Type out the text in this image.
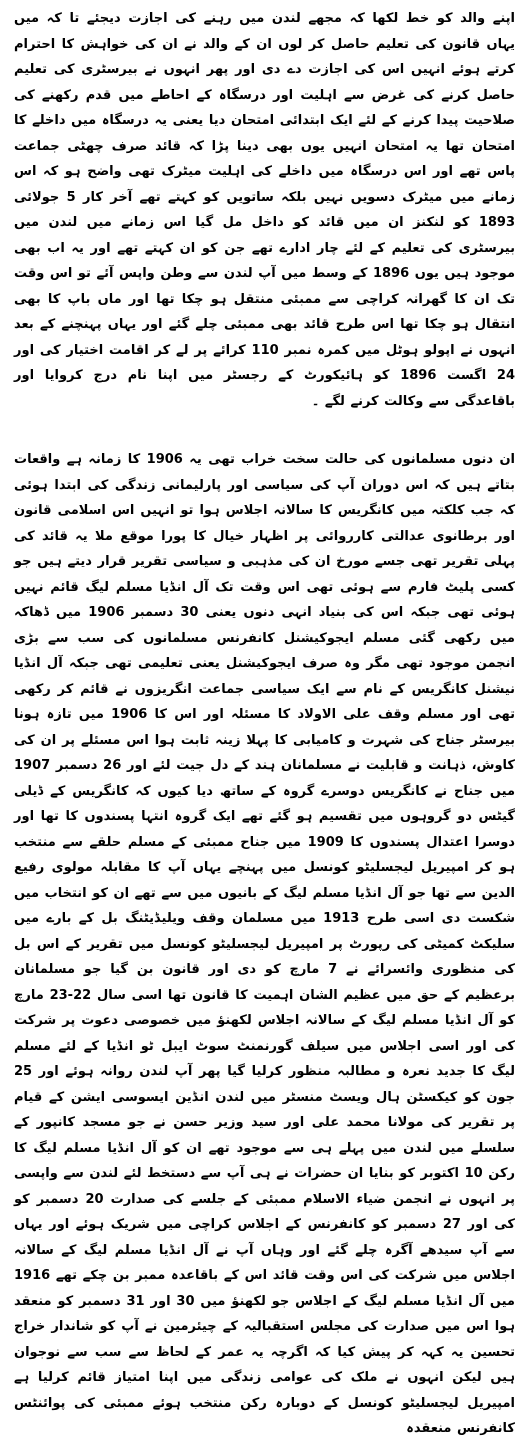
اپنے والد کو خط لکھا کہ مجھے لندن میں رہنے کی اجازت دیجئے تا کہ میں یہاں قانون کی تعلیم حاصل کر لوں ان کے والد نے ان کی خواہش کا احترام کرتے ہوئے انہیں اس کی اجازت دے دی اور پھر انہوں نے بیرسٹری کی تعلیم حاصل کرنے کی غرض سے اہلیت اور درسگاہ کے احاطے میں قدم رکھنے کی صلاحیت پیدا کرنے کے لئے ایک ابتدائی امتحان دیا یعنی یہ درسگاہ میں داخلے کا امتحان تھا یہ امتحان انہیں یوں بھی دینا پڑا کہ قائد صرف چھٹی جماعت پاس تھے اور اس درسگاہ میں داخلے کی اہلیت میٹرک تھی واضح ہو کہ اس زمانے میں میٹرک دسویں نہیں بلکہ ساتویں کو کہتے تھے آخر کار 5 جولائی 1893 کو لنکنز ان میں قائد کو داخل مل گیا اس زمانے میں لندن میں بیرسٹری کی تعلیم کے لئے چار ادارے تھے جن کو ان کہتے تھے اور یہ اب بھی موجود ہیں یوں 1896 کے وسط میں آپ لندن سے وطن واپس آئے تو اس وقت تک ان کا گھرانہ کراچی سے ممبئی منتقل ہو چکا تھا اور ماں باپ کا بھی انتقال ہو چکا تھا اس طرح قائد بھی ممبئی چلے گئے اور یہاں پہنچنے کے بعد انہوں نے اپولو ہوٹل میں کمرہ نمبر 110 کرائے پر لے کر اقامت اختیار کی اور 24 اگست 1896 کو ہائیکورٹ کے رجسٹر میں اپنا نام درج کروایا اور باقاعدگی سے وکالت کرنے لگے ۔

ان دنوں مسلمانوں کی حالت سخت خراب تھی یہ 1906 کا زمانہ ہے واقعات بتاتے ہیں کہ اس دوران آپ کی سیاسی اور پارلیمانی زندگی کی ابتدا ہوئی کہ جب کلکتہ میں کانگریس کا سالانہ اجلاس ہوا تو انہیں اس اسلامی قانون اور برطانوی عدالتی کارروائی پر اظہار خیال کا پورا موقع ملا یہ قائد کی پہلی تقریر تھی جسے مورخ ان کی مذہبی و سیاسی تقریر قرار دیتے ہیں جو کسی پلیٹ فارم سے ہوئی تھی اس وقت تک آل انڈیا مسلم لیگ قائم نہیں ہوئی تھی جبکہ اس کی بنیاد انہی دنوں یعنی 30 دسمبر 1906 میں ڈھاکہ میں رکھی گئی مسلم ایجوکیشنل کانفرنس مسلمانوں کی سب سے بڑی انجمن موجود تھی مگر وہ صرف ایجوکیشنل یعنی تعلیمی تھی جبکہ آل انڈیا نیشنل کانگریس کے نام سے ایک سیاسی جماعت انگریزوں نے قائم کر رکھی تھی اور مسلم وقف علی الاولاد کا مسئلہ اور اس کا 1906 میں تازہ ہونا بیرسٹر جناح کی شہرت و کامیابی کا پہلا زینہ ثابت ہوا اس مسئلے پر ان کی کاوش، ذہانت و قابلیت نے مسلمانان ہند کے دل جیت لئے اور 26 دسمبر 1907 میں جناح نے کانگریس دوسرے گروہ کے ساتھ دیا کیوں کہ کانگریس کے ڈیلی گیٹس دو گروہوں میں تقسیم ہو گئے تھے ایک گروہ انتہا پسندوں کا تھا اور دوسرا اعتدال پسندوں کا 1909 میں جناح ممبئی کے مسلم حلقے سے منتخب ہو کر امپیریل لیجسلیٹو کونسل میں پہنچے یہاں آپ کا مقابلہ مولوی رفیع الدین سے تھا جو آل انڈیا مسلم لیگ کے بانیوں میں سے تھے ان کو انتخاب میں شکست دی اسی طرح 1913 میں مسلمان وقف ویلیڈیٹنگ بل کے بارے میں سلیکٹ کمیٹی کی رپورٹ پر امپیریل لیجسلیٹو کونسل میں تقریر کے اس بل کی منظوری وائسرائے نے 7 مارچ کو دی اور قانون بن گیا جو مسلمانان برعظیم کے حق میں عظیم الشان اہمیت کا قانون تھا اسی سال 22-23 مارچ کو آل انڈیا مسلم لیگ کے سالانہ اجلاس لکھنؤ میں خصوصی دعوت پر شرکت کی اور اسی اجلاس میں سیلف گورنمنٹ سوٹ ایبل ٹو انڈیا کے لئے مسلم لیگ کا جدید نعرہ و مطالبہ منظور کرلیا گیا پھر آپ لندن روانہ ہوئے اور 25 جون کو کیکسٹن ہال ویسٹ منسٹر میں لندن انڈین ایسوسی ایشن کے قیام پر تقریر کی مولانا محمد علی اور سید وزیر حسن نے جو مسجد کانپور کے سلسلے میں لندن میں پہلے ہی سے موجود تھے ان کو آل انڈیا مسلم لیگ کا رکن 10 اکتوبر کو بنایا ان حضرات نے ہی آپ سے دستخط لئے لندن سے واپسی پر انہوں نے انجمن ضیاء الاسلام ممبئی کے جلسے کی صدارت 20 دسمبر کو کی اور 27 دسمبر کو کانفرنس کے اجلاس کراچی میں شریک ہوئے اور یہاں سے آپ سیدھے آگرہ چلے گئے اور وہاں آپ نے آل انڈیا مسلم لیگ کے سالانہ اجلاس میں شرکت کی اس وقت قائد اس کے باقاعدہ ممبر بن چکے تھے 1916 میں آل انڈیا مسلم لیگ کے اجلاس جو لکھنؤ میں 30 اور 31 دسمبر کو منعقد ہوا اس میں صدارت کی مجلس استقبالیہ کے چیئرمین نے آپ کو شاندار خراج تحسین یہ کہہ کر پیش کیا کہ اگرچہ یہ عمر کے لحاظ سے سب سے نوجوان ہیں لیکن انہوں نے ملک کی عوامی زندگی میں اپنا امتیاز قائم کرلیا ہے امپیریل لیجسلیٹو کونسل کے دوبارہ رکن منتخب ہوئے ممبئی کی پوائنٹس کانفرنس منعقدہ
